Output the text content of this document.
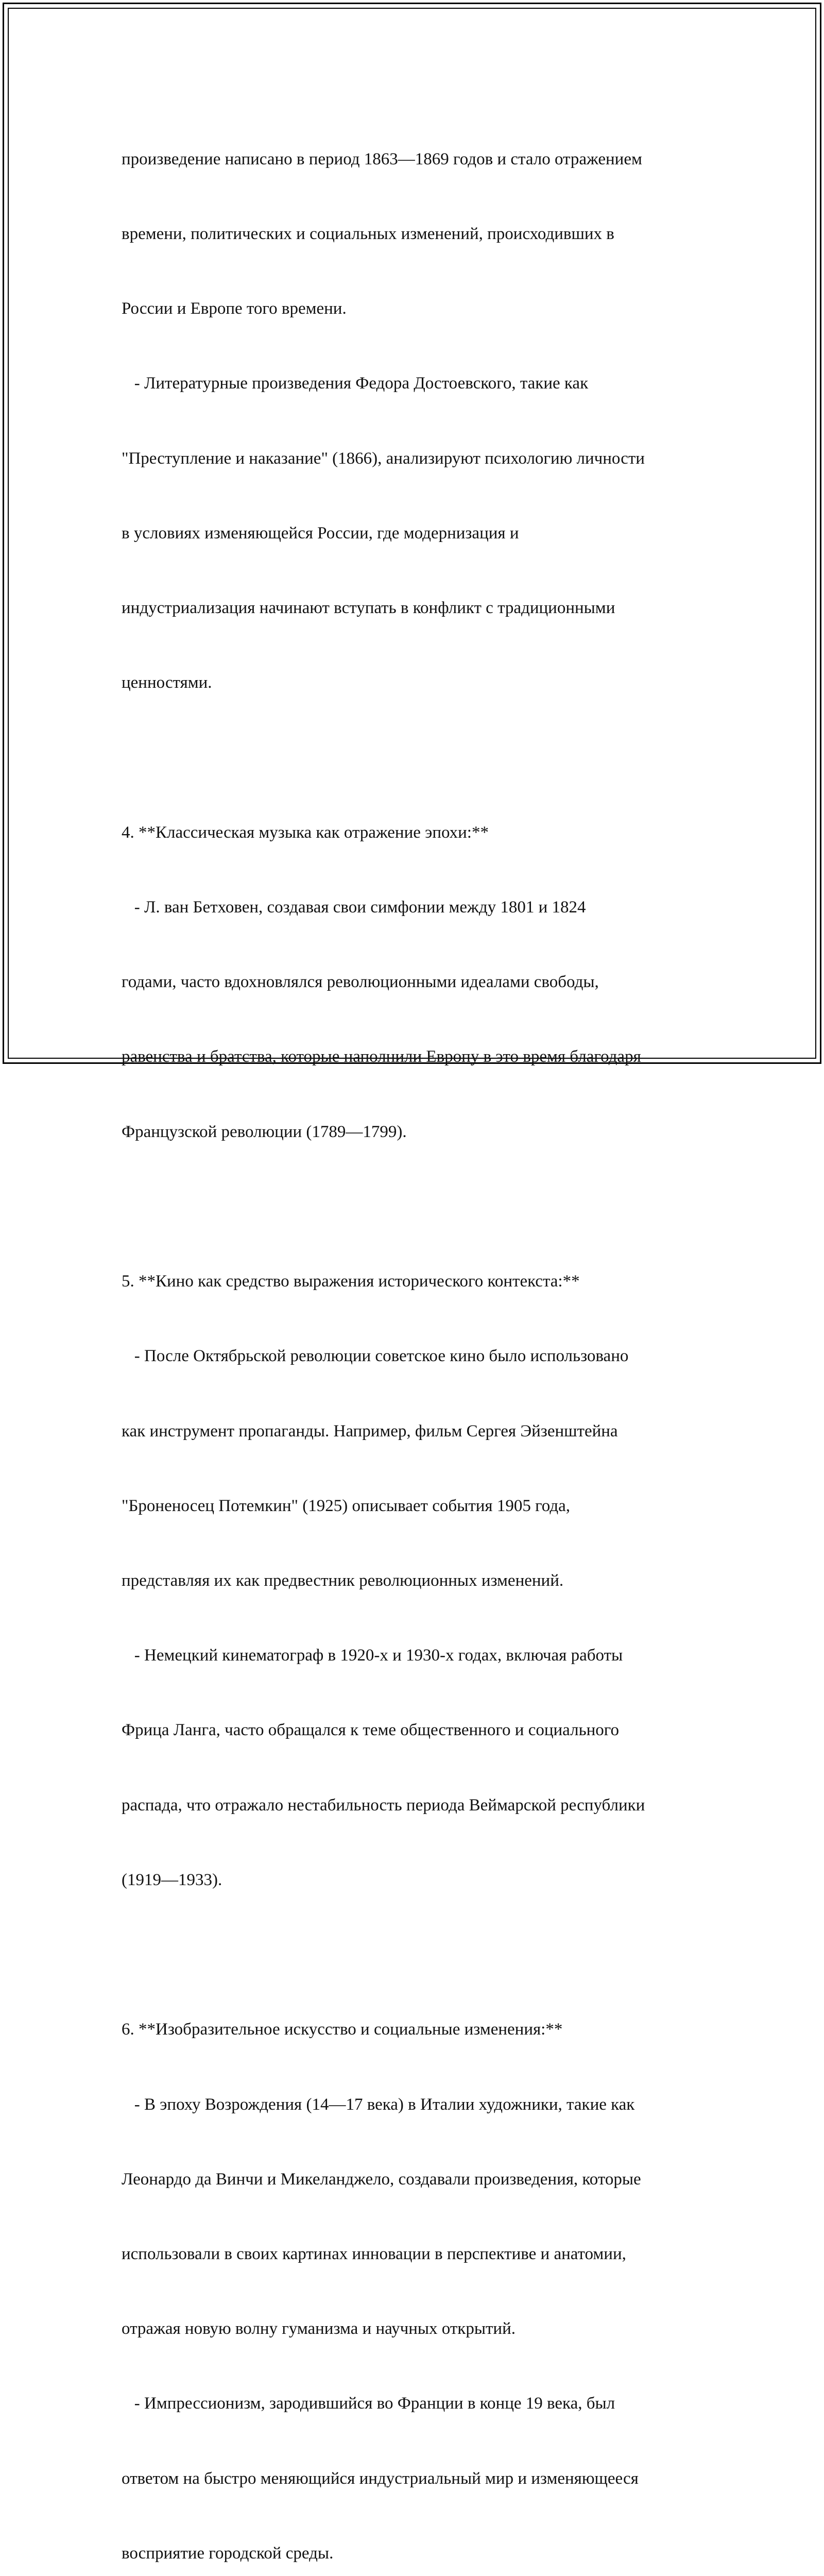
произведение написано в период 1863—1869 годов и стало отражением

времени, политических и социальных изменений, происходивших в

России и Европе того времени.

- Литературные произведения Федора Достоевского, такие как

"Преступление и наказание" (1866), анализируют психологию личности

в условиях изменяющейся России, где модернизация и

индустриализация начинают вступать в конфликт с традиционными

ценностями.

4. **Классическая музыка как отражение эпохи:**

- Л. ван Бетховен, создавая свои симфонии между 1801 и 1824

годами, часто вдохновлялся революционными идеалами свободы,

равенства и братства, которые наполнили Европу в это время благодаря

Французской революции (1789—1799).

5. **Кино как средство выражения исторического контекста:**

- После Октябрьской революции советское кино было использовано

как инструмент пропаганды. Например, фильм Сергея Эйзенштейна

"Броненосец Потемкин" (1925) описывает события 1905 года,

представляя их как предвестник революционных изменений.

- Немецкий кинематограф в 1920-х и 1930-х годах, включая работы

Фрица Ланга, часто обращался к теме общественного и социального

распада, что отражало нестабильность периода Веймарской республики

(1919—1933).

6. **Изобразительное искусство и социальные изменения:**

- В эпоху Возрождения (14—17 века) в Италии художники, такие как

Леонардо да Винчи и Микеланджело, создавали произведения, которые

использовали в своих картинах инновации в перспективе и анатомии,

отражая новую волну гуманизма и научных открытий.

- Импрессионизм, зародившийся во Франции в конце 19 века, был

ответом на быстро меняющийся индустриальный мир и изменяющееся

восприятие городской среды.
